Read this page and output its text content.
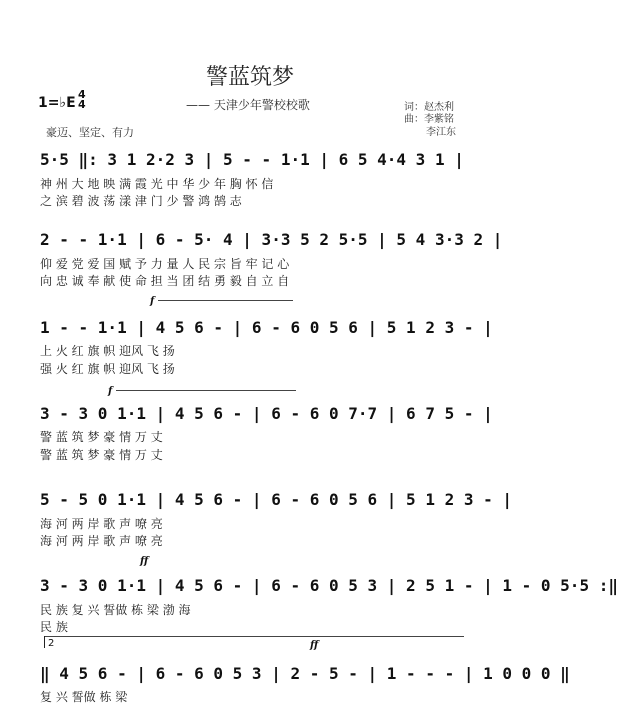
警蓝筑梦
1=♭E
4
4	—— 天津少年警校校歌
豪迈、坚定、有力
词：赵杰利
曲：李紫铭
李江东
5·5 ‖: 3 1 2·2 3 | 5 - - 1·1 | 6 5 4·4 3 1 |
神 州 大 地 映 满 霞 光 中 华 少 年 胸 怀 信
之 滨 碧 波 荡 漾 津 门 少 警 鸿 鹄 志
2 - - 1·1 | 6 - 5· 4 | 3·3 5 2 5·5 | 5 4 3·3 2 |
仰 爱 党 爱 国 赋 予 力 量 人 民 宗 旨 牢 记 心
向 忠 诚 奉 献 使 命 担 当 团 结 勇 毅 自 立 自
f
1 - - 1·1 | 4 5 6 - | 6 - 6 0 5 6 | 5 1 2 3 - |
上 火 红 旗 帜 迎风 飞 扬
强 火 红 旗 帜 迎风 飞 扬
f
3 - 3 0 1·1 | 4 5 6 - | 6 - 6 0 7·7 | 6 7 5 - |
警 蓝 筑 梦 豪 情 万 丈
警 蓝 筑 梦 豪 情 万 丈
5 - 5 0 1·1 | 4 5 6 - | 6 - 6 0 5 6 | 5 1 2 3 - |
海 河 两 岸 歌 声 嘹 亮
海 河 两 岸 歌 声 嘹 亮
ff
3 - 3 0 1·1 | 4 5 6 - | 6 - 6 0 5 3 | 2 5 1 - | 1 - 0 5·5 :‖
民 族 复 兴 誓做 栋 梁 渤 海
民 族
2	ff
‖ 4 5 6 - | 6 - 6 0 5 3 | 2 - 5 - | 1 - - - | 1 0 0 0 ‖
复 兴 誓做 栋 梁
